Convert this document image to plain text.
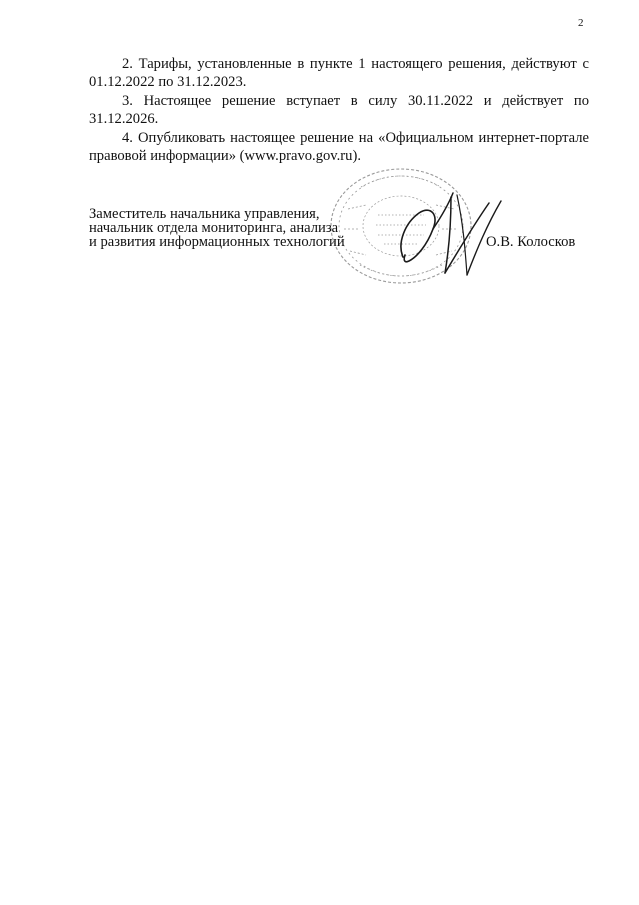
2

2. Тарифы, установленные в пункте 1 настоящего решения, действуют с 01.12.2022 по 31.12.2023.

3. Настоящее решение вступает в силу 30.11.2022 и действует по 31.12.2026.

4. Опубликовать настоящее решение на «Официальном интернет-портале правовой информации» (www.pravo.gov.ru).

Заместитель начальника управления,
начальник отдела мониторинга, анализа
и развития информационных технологий	О.В. Колосков
